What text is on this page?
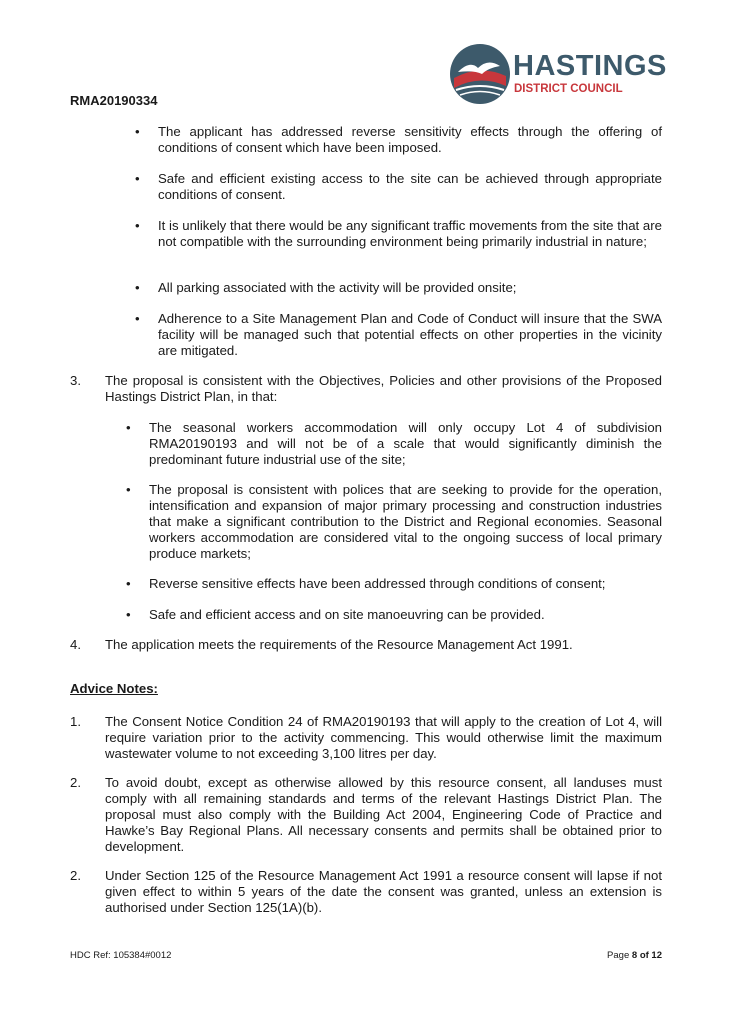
HASTINGS
DISTRICT COUNCIL

RMA20190334

• The applicant has addressed reverse sensitivity effects through the offering of conditions of consent which have been imposed.
• Safe and efficient existing access to the site can be achieved through appropriate conditions of consent.
• It is unlikely that there would be any significant traffic movements from the site that are not compatible with the surrounding environment being primarily industrial in nature;
• All parking associated with the activity will be provided onsite;
• Adherence to a Site Management Plan and Code of Conduct will insure that the SWA facility will be managed such that potential effects on other properties in the vicinity are mitigated.
3. The proposal is consistent with the Objectives, Policies and other provisions of the Proposed Hastings District Plan, in that:
• The seasonal workers accommodation will only occupy Lot 4 of subdivision RMA20190193 and will not be of a scale that would significantly diminish the predominant future industrial use of the site;
• The proposal is consistent with polices that are seeking to provide for the operation, intensification and expansion of major primary processing and construction industries that make a significant contribution to the District and Regional economies. Seasonal workers accommodation are considered vital to the ongoing success of local primary produce markets;
• Reverse sensitive effects have been addressed through conditions of consent;
• Safe and efficient access and on site manoeuvring can be provided.
4. The application meets the requirements of the Resource Management Act 1991.

Advice Notes:

1. The Consent Notice Condition 24 of RMA20190193 that will apply to the creation of Lot 4, will require variation prior to the activity commencing. This would otherwise limit the maximum wastewater volume to not exceeding 3,100 litres per day.
2. To avoid doubt, except as otherwise allowed by this resource consent, all landuses must comply with all remaining standards and terms of the relevant Hastings District Plan. The proposal must also comply with the Building Act 2004, Engineering Code of Practice and Hawke’s Bay Regional Plans. All necessary consents and permits shall be obtained prior to development.
2. Under Section 125 of the Resource Management Act 1991 a resource consent will lapse if not given effect to within 5 years of the date the consent was granted, unless an extension is authorised under Section 125(1A)(b).
HDC Ref: 105384#0012	Page 8 of 12
